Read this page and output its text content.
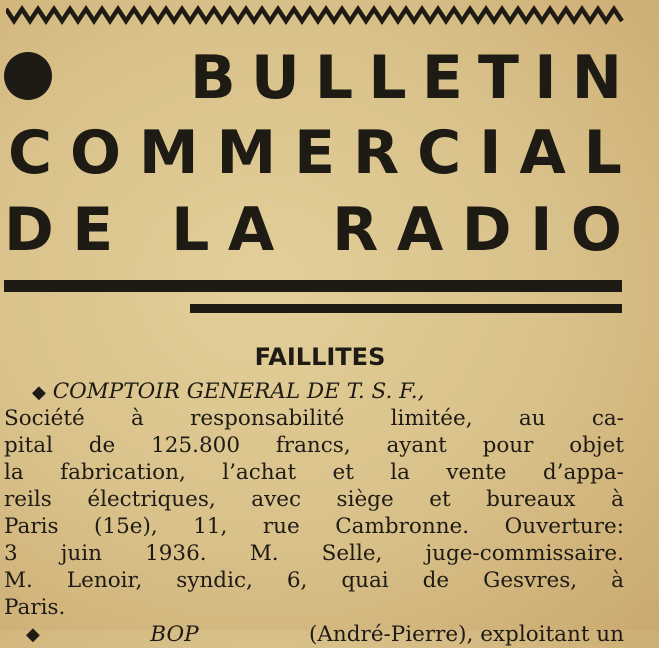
B U L L E T I N
C O M M E R C I A L
D E
L A
R A D I O
FAILLITES
◆ COMPTOIR GENERAL DE T. S. F.,
Société à responsabilité limitée, au ca-
pital de 125.800 francs, ayant pour objet
la fabrication, l’achat et la vente d’appa-
reils électriques, avec siège et bureaux à
Paris (15e), 11, rue Cambronne. Ouverture:
3 juin 1936. M. Selle, juge-commissaire.
M. Lenoir, syndic, 6, quai de Gesvres, à
Paris.
◆	BOP	(André-Pierre), exploitant un
